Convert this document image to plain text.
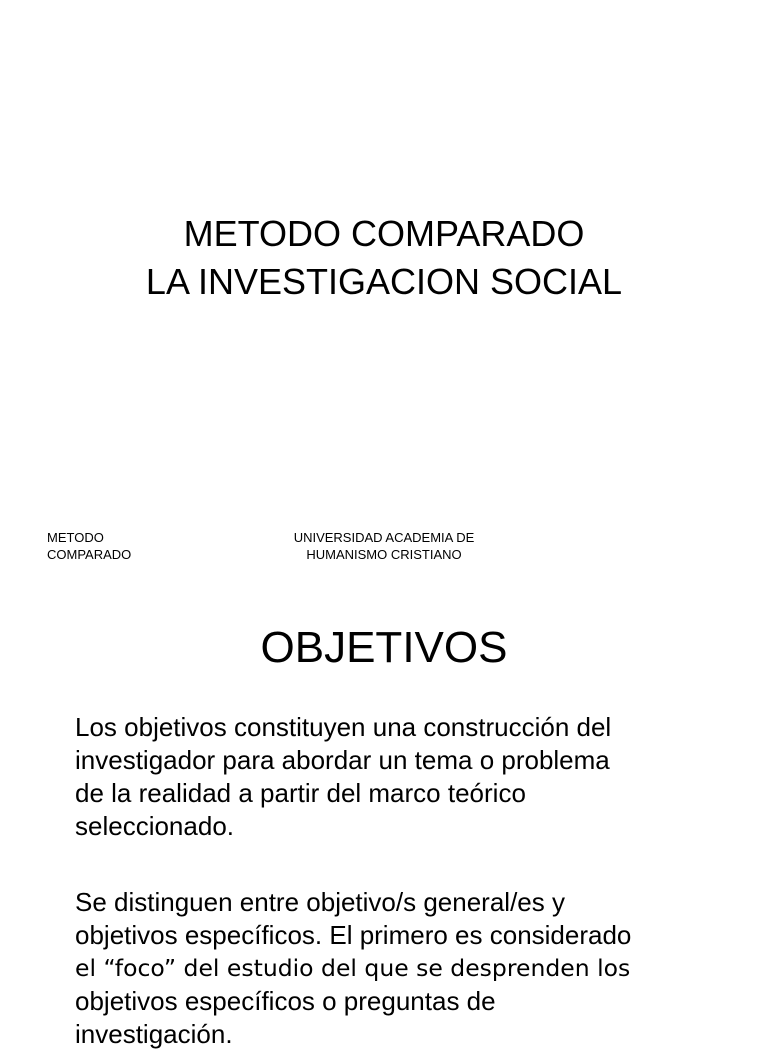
METODO COMPARADO
LA INVESTIGACION SOCIAL
METODO
COMPARADO
UNIVERSIDAD ACADEMIA DE
HUMANISMO CRISTIANO
OBJETIVOS
Los objetivos constituyen una construcción del
investigador para abordar un tema o problema
de la realidad a partir del marco teórico
seleccionado.
Se distinguen entre objetivo/s general/es y
objetivos específicos. El primero es considerado
el “foco” del estudio del que se desprenden los
objetivos específicos o preguntas de
investigación.
